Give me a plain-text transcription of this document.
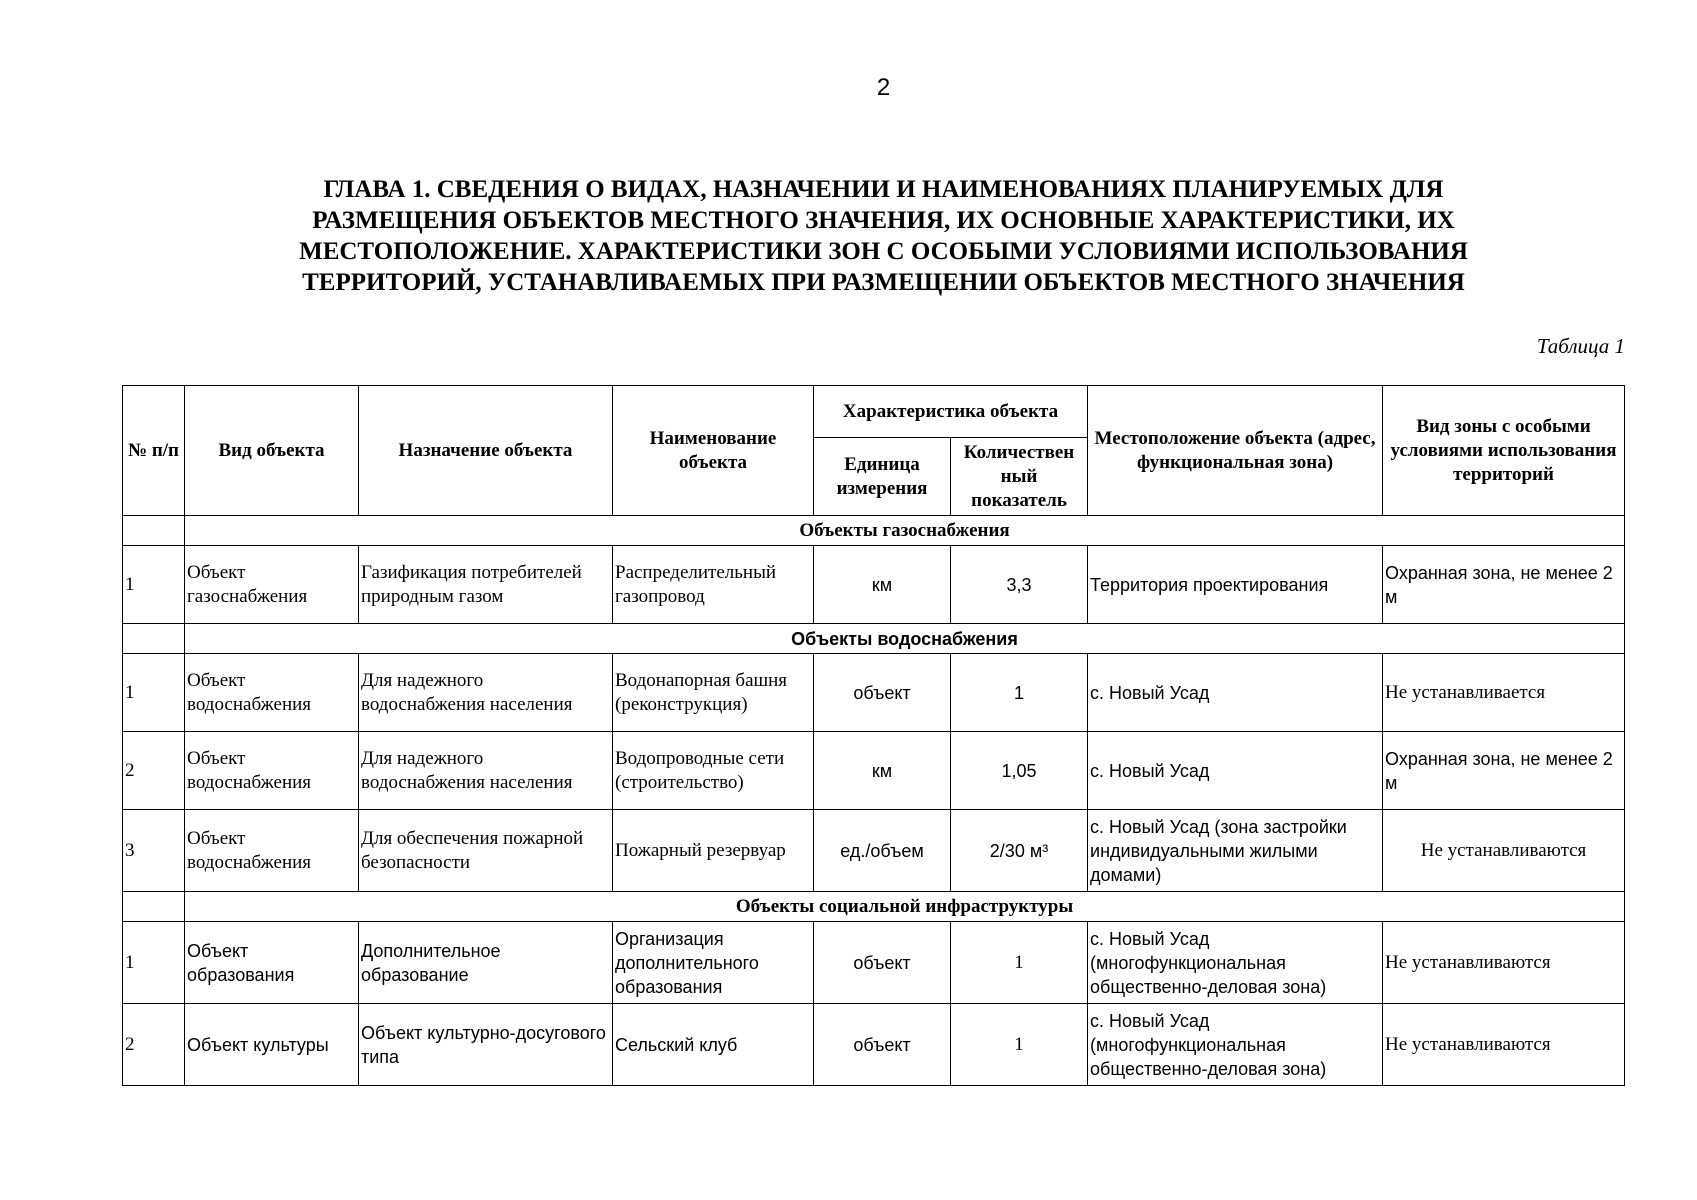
2
ГЛАВА 1. СВЕДЕНИЯ О ВИДАХ, НАЗНАЧЕНИИ И НАИМЕНОВАНИЯХ ПЛАНИРУЕМЫХ ДЛЯ
РАЗМЕЩЕНИЯ ОБЪЕКТОВ МЕСТНОГО ЗНАЧЕНИЯ, ИХ ОСНОВНЫЕ ХАРАКТЕРИСТИКИ, ИХ
МЕСТОПОЛОЖЕНИЕ. ХАРАКТЕРИСТИКИ ЗОН С ОСОБЫМИ УСЛОВИЯМИ ИСПОЛЬЗОВАНИЯ
ТЕРРИТОРИЙ, УСТАНАВЛИВАЕМЫХ ПРИ РАЗМЕЩЕНИИ ОБЪЕКТОВ МЕСТНОГО ЗНАЧЕНИЯ
Таблица 1
№ п/п	Вид объекта	Назначение объекта	Наименование объекта	Характеристика объекта		Местоположение объекта (адрес, функциональная зона)	Вид зоны с особыми условиями использования территорий
				Единица измерения	Количествен ный показатель		
	Объекты газоснабжения						
1	Объект газоснабжения	Газификация потребителей природным газом	Распределительный газопровод	км	3,3	Территория проектирования	Охранная зона, не менее 2 м
	Объекты водоснабжения						
1	Объект водоснабжения	Для надежного водоснабжения населения	Водонапорная башня (реконструкция)	объект	1	с. Новый Усад	Не устанавливается
2	Объект водоснабжения	Для надежного водоснабжения населения	Водопроводные сети (строительство)	км	1,05	с. Новый Усад	Охранная зона, не менее 2 м
3	Объект водоснабжения	Для обеспечения пожарной безопасности	Пожарный резервуар	ед./объем	2/30 м³	с. Новый Усад (зона застройки индивидуальными жилыми домами)	Не устанавливаются
	Объекты социальной инфраструктуры						
1	Объект образования	Дополнительное образование	Организация дополнительного образования	объект	1	с. Новый Усад (многофункциональная общественно-деловая зона)	Не устанавливаются
2	Объект культуры	Объект культурно-досугового типа	Сельский клуб	объект	1	с. Новый Усад (многофункциональная общественно-деловая зона)	Не устанавливаются
